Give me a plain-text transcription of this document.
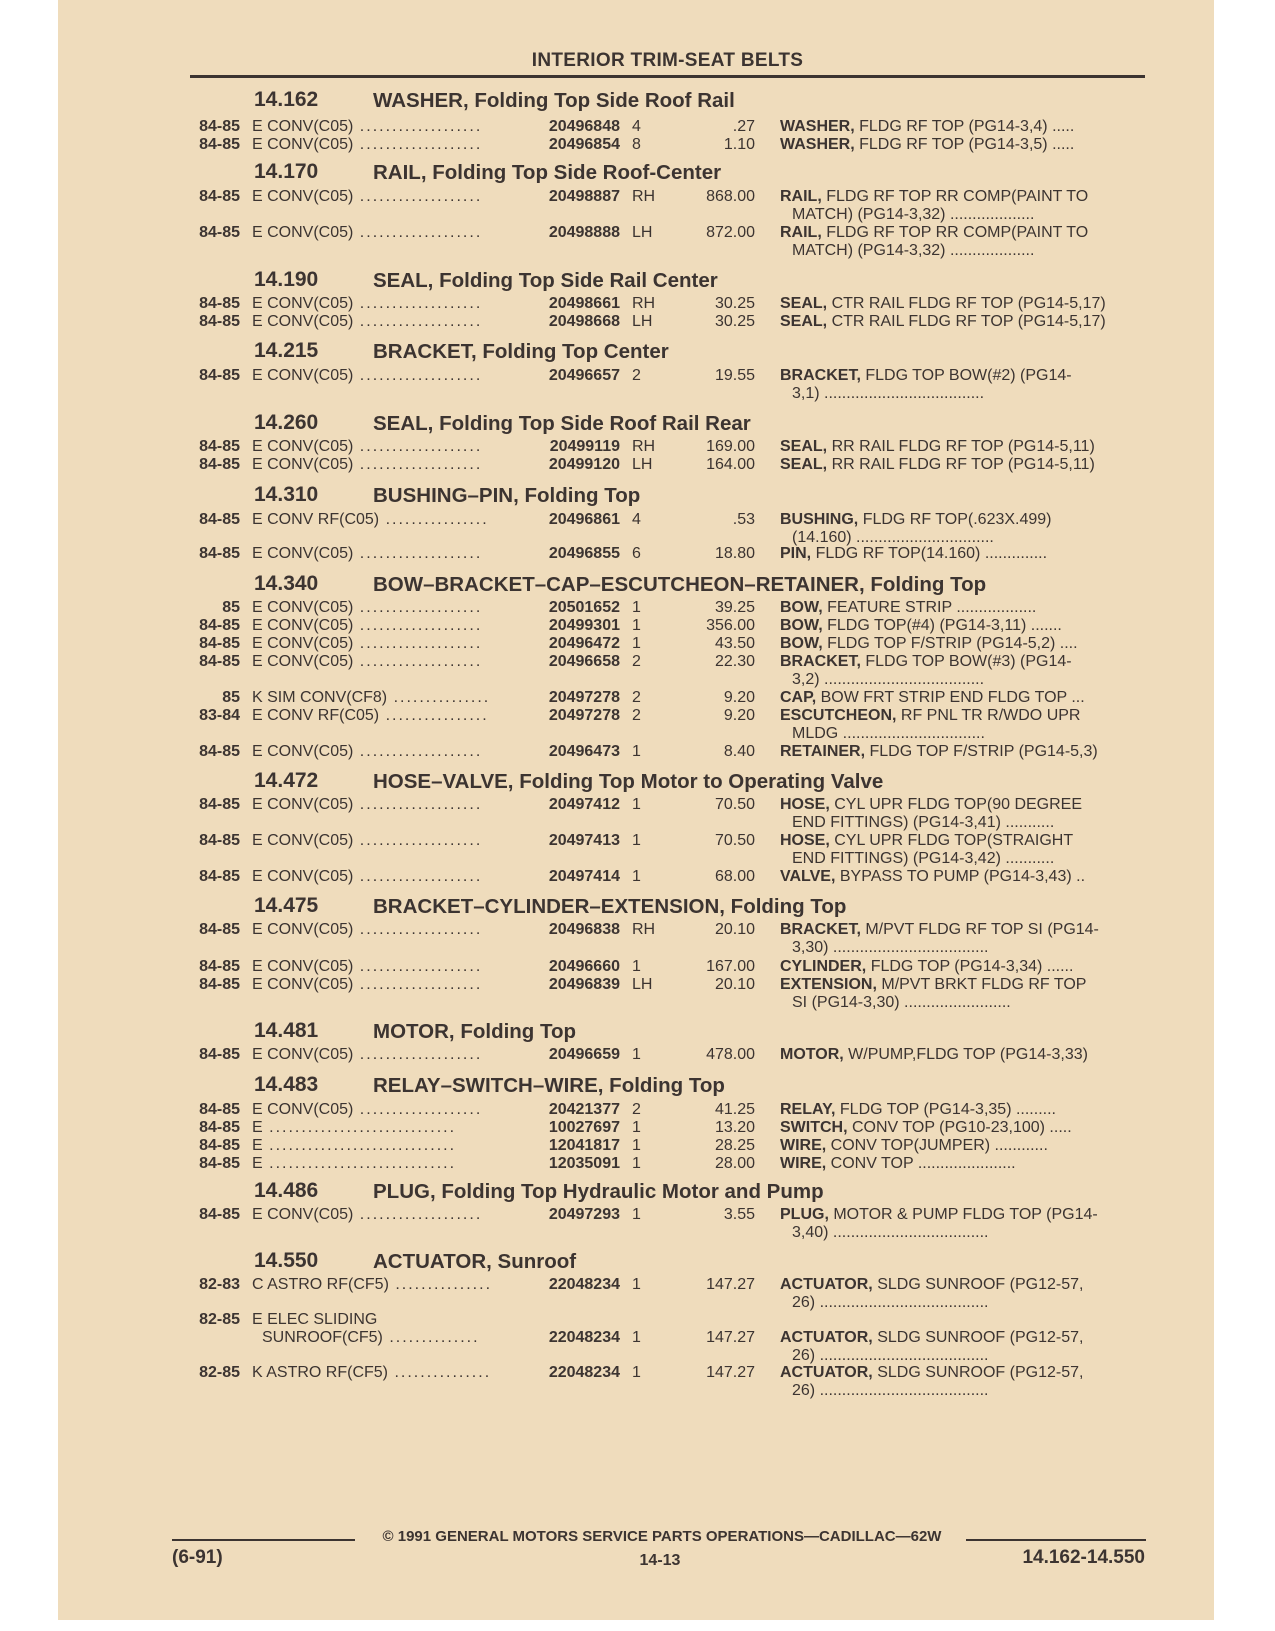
INTERIOR TRIM-SEAT BELTS
14.162	WASHER, Folding Top Side Roof Rail
84-85 E CONV(C05) ...................	20496848 4	.27 WASHER, FLDG RF TOP (PG14-3,4) .....
84-85 E CONV(C05) ...................	20496854 8	1.10 WASHER, FLDG RF TOP (PG14-3,5) .....
14.170	RAIL, Folding Top Side Roof-Center
84-85 E CONV(C05) ...................	20498887 RH	868.00 RAIL, FLDG RF TOP RR COMP(PAINT TO
MATCH) (PG14-3,32) ...................
84-85 E CONV(C05) ...................	20498888 LH	872.00 RAIL, FLDG RF TOP RR COMP(PAINT TO
MATCH) (PG14-3,32) ...................
14.190	SEAL, Folding Top Side Rail Center
84-85 E CONV(C05) ...................	20498661 RH	30.25 SEAL, CTR RAIL FLDG RF TOP (PG14-5,17)
84-85 E CONV(C05) ...................	20498668 LH	30.25 SEAL, CTR RAIL FLDG RF TOP (PG14-5,17)
14.215	BRACKET, Folding Top Center
84-85 E CONV(C05) ...................	20496657 2	19.55 BRACKET, FLDG TOP BOW(#2) (PG14-
3,1) ....................................
14.260	SEAL, Folding Top Side Roof Rail Rear
84-85 E CONV(C05) ...................	20499119 RH	169.00 SEAL, RR RAIL FLDG RF TOP (PG14-5,11)
84-85 E CONV(C05) ...................	20499120 LH	164.00 SEAL, RR RAIL FLDG RF TOP (PG14-5,11)
14.310	BUSHING–PIN, Folding Top
84-85 E CONV RF(C05) ................	20496861 4	.53 BUSHING, FLDG RF TOP(.623X.499)
(14.160) ...............................
84-85 E CONV(C05) ...................	20496855 6	18.80 PIN, FLDG RF TOP(14.160) ..............
14.340	BOW–BRACKET–CAP–ESCUTCHEON–RETAINER, Folding Top
85 E CONV(C05) ...................	20501652 1	39.25 BOW, FEATURE STRIP ..................
84-85 E CONV(C05) ...................	20499301 1	356.00 BOW, FLDG TOP(#4) (PG14-3,11) .......
84-85 E CONV(C05) ...................	20496472 1	43.50 BOW, FLDG TOP F/STRIP (PG14-5,2) ....
84-85 E CONV(C05) ...................	20496658 2	22.30 BRACKET, FLDG TOP BOW(#3) (PG14-
3,2) ....................................
85 K SIM CONV(CF8) ...............	20497278 2	9.20 CAP, BOW FRT STRIP END FLDG TOP ...
83-84 E CONV RF(C05) ................	20497278 2	9.20 ESCUTCHEON, RF PNL TR R/WDO UPR
MLDG ................................
84-85 E CONV(C05) ...................	20496473 1	8.40 RETAINER, FLDG TOP F/STRIP (PG14-5,3)
14.472	HOSE–VALVE, Folding Top Motor to Operating Valve
84-85 E CONV(C05) ...................	20497412 1	70.50 HOSE, CYL UPR FLDG TOP(90 DEGREE
END FITTINGS) (PG14-3,41) ...........
84-85 E CONV(C05) ...................	20497413 1	70.50 HOSE, CYL UPR FLDG TOP(STRAIGHT
END FITTINGS) (PG14-3,42) ...........
84-85 E CONV(C05) ...................	20497414 1	68.00 VALVE, BYPASS TO PUMP (PG14-3,43) ..
14.475	BRACKET–CYLINDER–EXTENSION, Folding Top
84-85 E CONV(C05) ...................	20496838 RH	20.10 BRACKET, M/PVT FLDG RF TOP SI (PG14-
3,30) ...................................
84-85 E CONV(C05) ...................	20496660 1	167.00 CYLINDER, FLDG TOP (PG14-3,34) ......
84-85 E CONV(C05) ...................	20496839 LH	20.10 EXTENSION, M/PVT BRKT FLDG RF TOP
SI (PG14-3,30) ........................
14.481	MOTOR, Folding Top
84-85 E CONV(C05) ...................	20496659 1	478.00 MOTOR, W/PUMP,FLDG TOP (PG14-3,33)
14.483	RELAY–SWITCH–WIRE, Folding Top
84-85 E CONV(C05) ...................	20421377 2	41.25 RELAY, FLDG TOP (PG14-3,35) .........
84-85 E .............................	10027697 1	13.20 SWITCH, CONV TOP (PG10-23,100) .....
84-85 E .............................	12041817 1	28.25 WIRE, CONV TOP(JUMPER) ............
84-85 E .............................	12035091 1	28.00 WIRE, CONV TOP ......................
14.486	PLUG, Folding Top Hydraulic Motor and Pump
84-85 E CONV(C05) ...................	20497293 1	3.55 PLUG, MOTOR & PUMP FLDG TOP (PG14-
3,40) ...................................
14.550	ACTUATOR, Sunroof
82-83 C ASTRO RF(CF5) ...............	22048234 1	147.27 ACTUATOR, SLDG SUNROOF (PG12-57,
26) ......................................
82-85 E ELEC SLIDING
SUNROOF(CF5) ..............	22048234 1	147.27 ACTUATOR, SLDG SUNROOF (PG12-57,
26) ......................................
82-85 K ASTRO RF(CF5) ...............	22048234 1	147.27 ACTUATOR, SLDG SUNROOF (PG12-57,
26) ......................................
© 1991 GENERAL MOTORS SERVICE PARTS OPERATIONS—CADILLAC—62W
(6-91)	14-13	14.162-14.550
